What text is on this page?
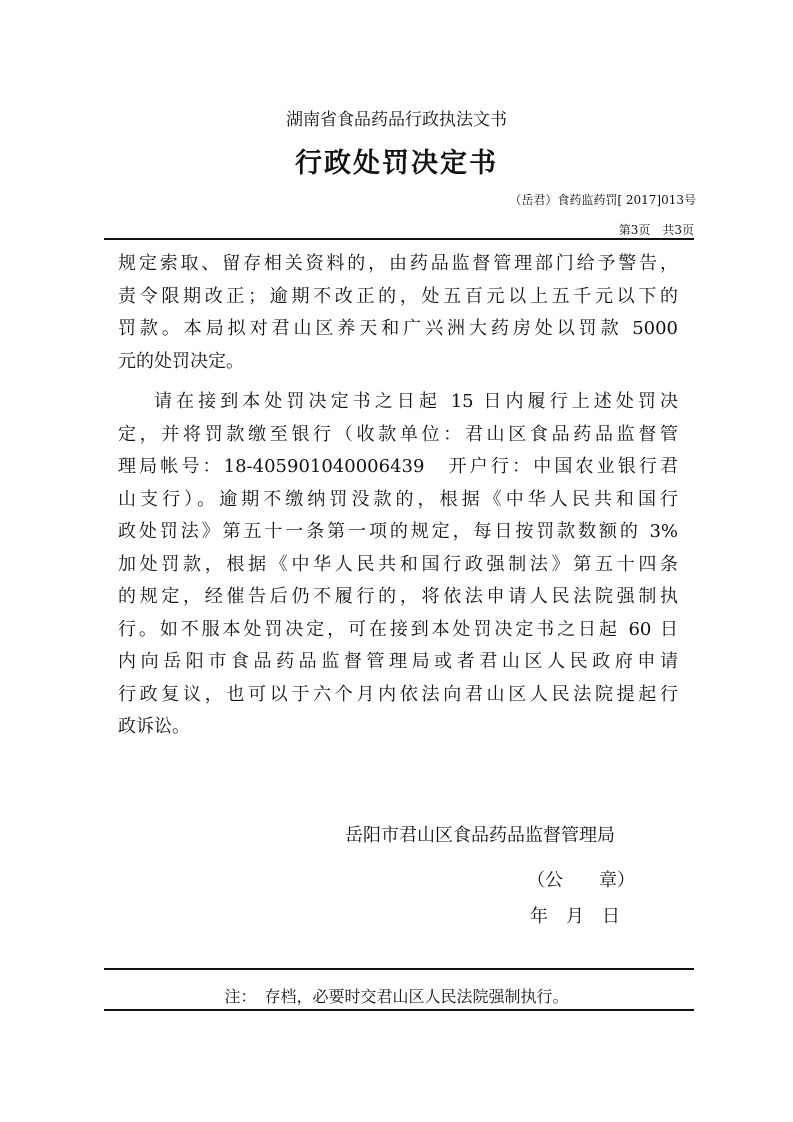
湖南省食品药品行政执法文书
行政处罚决定书
（岳君）食药监药罚[ 2017]013号
第3页　共3页
规定索取、留存相关资料的，由药品监督管理部门给予警告，
责令限期改正；逾期不改正的，处五百元以上五千元以下的
罚款。本局拟对君山区养天和广兴洲大药房处以罚款 5000
元的处罚决定。
请在接到本处罚决定书之日起 15 日内履行上述处罚决
定，并将罚款缴至银行（收款单位：君山区食品药品监督管
理局帐号：18-405901040006439　开户行：中国农业银行君
山支行）。逾期不缴纳罚没款的，根据《中华人民共和国行
政处罚法》第五十一条第一项的规定，每日按罚款数额的 3%
加处罚款，根据《中华人民共和国行政强制法》第五十四条
的规定，经催告后仍不履行的，将依法申请人民法院强制执
行。如不服本处罚决定，可在接到本处罚决定书之日起 60 日
内向岳阳市食品药品监督管理局或者君山区人民政府申请
行政复议，也可以于六个月内依法向君山区人民法院提起行
政诉讼。
岳阳市君山区食品药品监督管理局
（公　　章）
年　月　日
注：　存档，必要时交君山区人民法院强制执行。
